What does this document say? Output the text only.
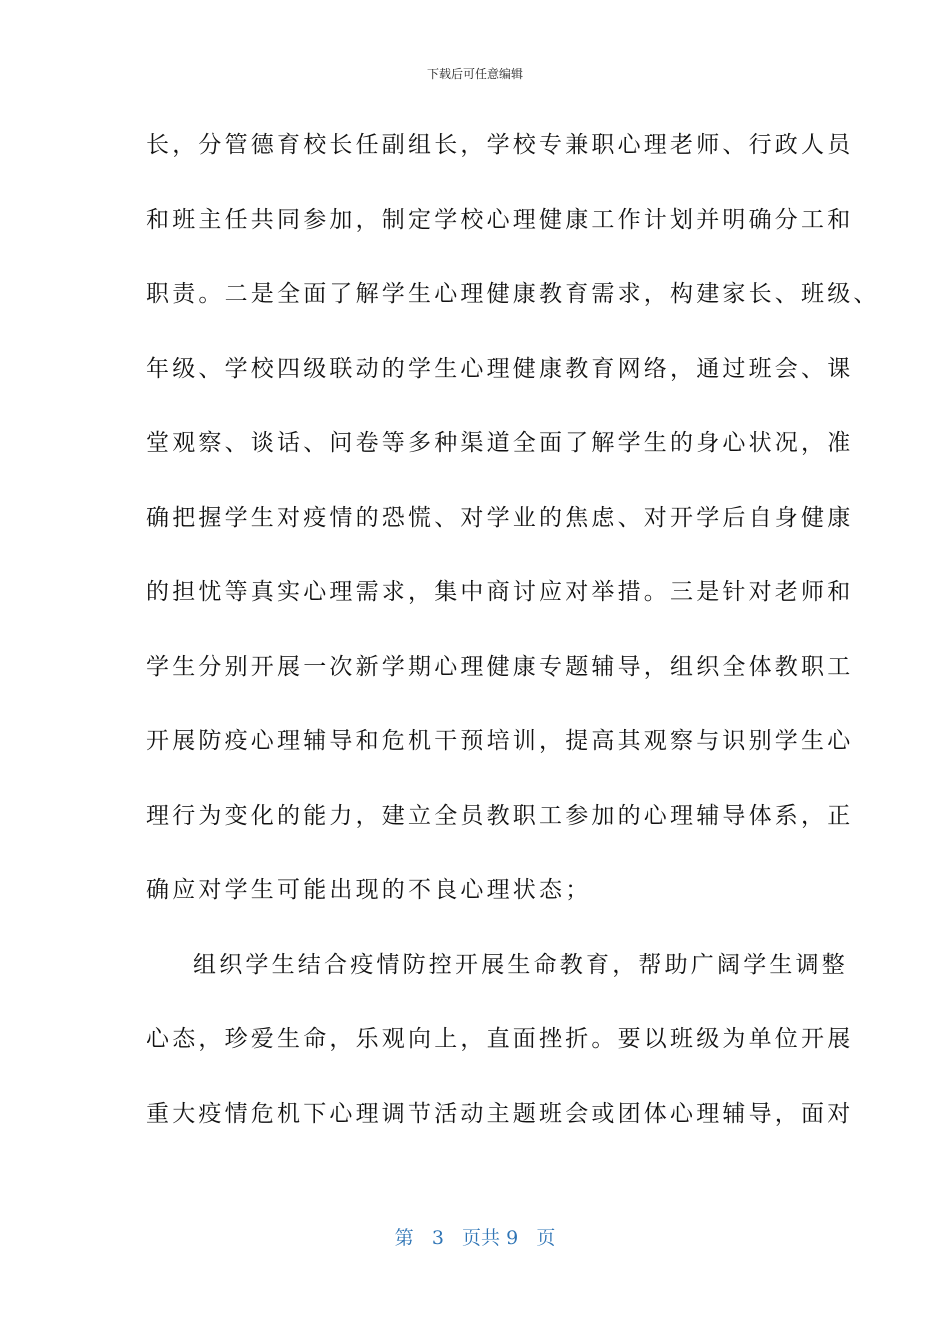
下载后可任意编辑
长，分管德育校长任副组长，学校专兼职心理老师、行政人员
和班主任共同参加，制定学校心理健康工作计划并明确分工和
职责。二是全面了解学生心理健康教育需求，构建家长、班级、
年级、学校四级联动的学生心理健康教育网络，通过班会、课
堂观察、谈话、问卷等多种渠道全面了解学生的身心状况，准
确把握学生对疫情的恐慌、对学业的焦虑、对开学后自身健康
的担忧等真实心理需求，集中商讨应对举措。三是针对老师和
学生分别开展一次新学期心理健康专题辅导，组织全体教职工
开展防疫心理辅导和危机干预培训，提高其观察与识别学生心
理行为变化的能力，建立全员教职工参加的心理辅导体系，正
确应对学生可能出现的不良心理状态；
组织学生结合疫情防控开展生命教育，帮助广阔学生调整
心态，珍爱生命，乐观向上，直面挫折。要以班级为单位开展
重大疫情危机下心理调节活动主题班会或团体心理辅导，面对
第 3 页共 9 页
